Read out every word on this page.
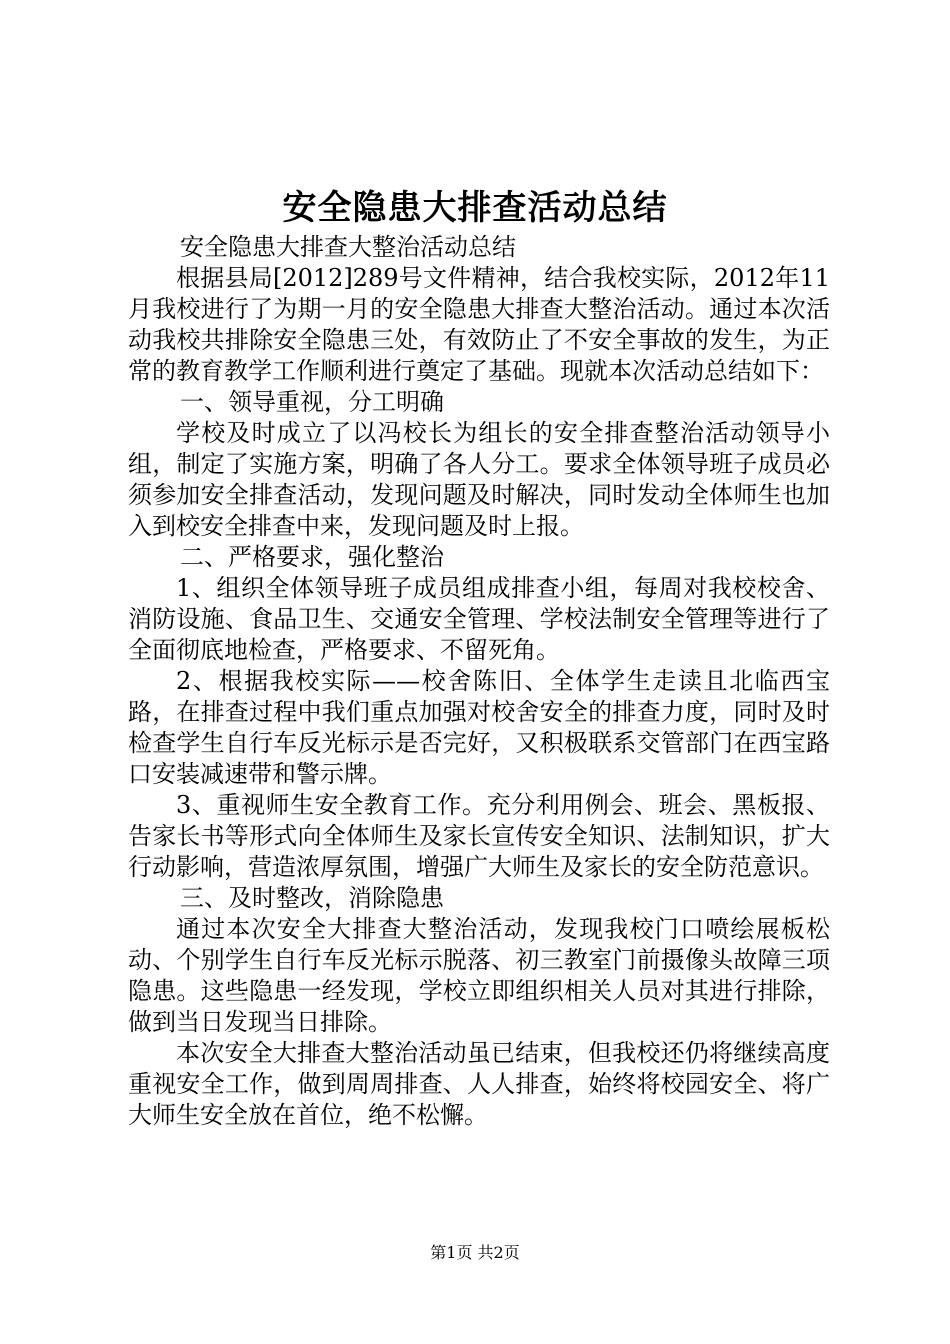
安全隐患大排查活动总结

安全隐患大排查大整治活动总结

根据县局[2012]289号文件精神，结合我校实际，2012年11月我校进行了为期一月的安全隐患大排查大整治活动。通过本次活动我校共排除安全隐患三处，有效防止了不安全事故的发生，为正常的教育教学工作顺利进行奠定了基础。现就本次活动总结如下：

一、领导重视，分工明确

学校及时成立了以冯校长为组长的安全排查整治活动领导小组，制定了实施方案，明确了各人分工。要求全体领导班子成员必须参加安全排查活动，发现问题及时解决，同时发动全体师生也加入到校安全排查中来，发现问题及时上报。

二、严格要求，强化整治

1、组织全体领导班子成员组成排查小组，每周对我校校舍、消防设施、食品卫生、交通安全管理、学校法制安全管理等进行了全面彻底地检查，严格要求、不留死角。

2、根据我校实际——校舍陈旧、全体学生走读且北临西宝路，在排查过程中我们重点加强对校舍安全的排查力度，同时及时检查学生自行车反光标示是否完好，又积极联系交管部门在西宝路口安装减速带和警示牌。

3、重视师生安全教育工作。充分利用例会、班会、黑板报、告家长书等形式向全体师生及家长宣传安全知识、法制知识，扩大行动影响，营造浓厚氛围，增强广大师生及家长的安全防范意识。

三、及时整改，消除隐患

通过本次安全大排查大整治活动，发现我校门口喷绘展板松动、个别学生自行车反光标示脱落、初三教室门前摄像头故障三项隐患。这些隐患一经发现，学校立即组织相关人员对其进行排除，做到当日发现当日排除。

本次安全大排查大整治活动虽已结束，但我校还仍将继续高度重视安全工作，做到周周排查、人人排查，始终将校园安全、将广大师生安全放在首位，绝不松懈。

第1页 共2页
